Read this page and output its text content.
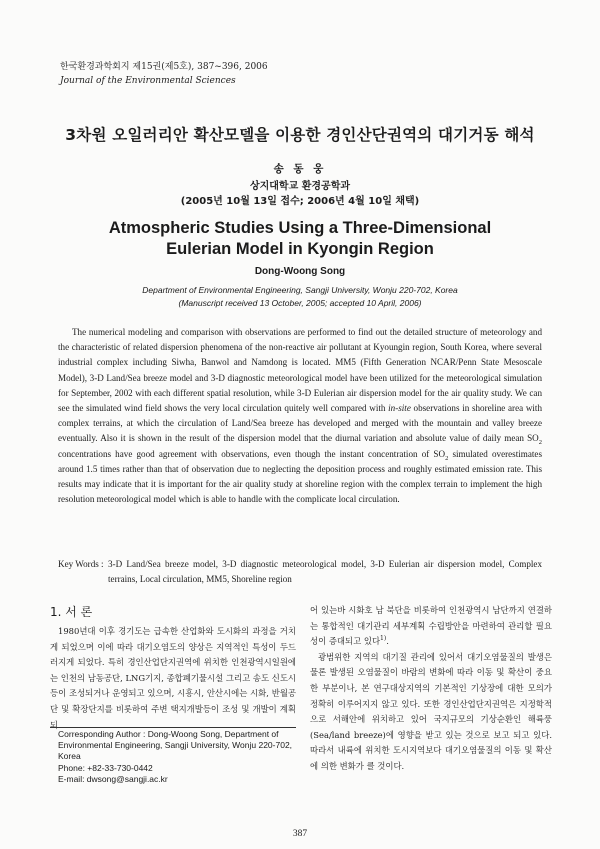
한국환경과학회지 제15권(제5호), 387~396, 2006
Journal of the Environmental Sciences
3차원 오일러리안 확산모델을 이용한 경인산단권역의 대기거동 해석
송 동 웅
상지대학교 환경공학과
(2005년 10월 13일 접수; 2006년 4월 10일 채택)
Atmospheric Studies Using a Three-Dimensional
Eulerian Model in Kyongin Region
Dong-Woong Song
Department of Environmental Engineering, Sangji University, Wonju 220-702, Korea
(Manuscript received 13 October, 2005; accepted 10 April, 2006)

The numerical modeling and comparison with observations are performed to find out the detailed structure of meteorology and the characteristic of related dispersion phenomena of the non-reactive air pollutant at Kyoungin region, South Korea, where several industrial complex including Siwha, Banwol and Namdong is located. MM5 (Fifth Generation NCAR/Penn State Mesoscale Model), 3-D Land/Sea breeze model and 3-D diagnostic meteorological model have been utilized for the meteorological simulation for September, 2002 with each different spatial resolution, while 3-D Eulerian air dispersion model for the air quality study. We can see the simulated wind field shows the very local circulation quitely well compared with in-site observations in shoreline area with complex terrains, at which the circulation of Land/Sea breeze has developed and merged with the mountain and valley breeze eventually. Also it is shown in the result of the dispersion model that the diurnal variation and absolute value of daily mean $SO_2$ concentrations have good agreement with observations, even though the instant concentration of $SO_2$ simulated overestimates around 1.5 times rather than that of observation due to neglecting the deposition process and roughly estimated emission rate. This results may indicate that it is important for the air quality study at shoreline region with the complex terrain to implement the high resolution meteorological model which is able to handle with the complicate local circulation.

Key Words : 3-D Land/Sea breeze model, 3-D diagnostic meteorological model, 3-D Eulerian air dispersion model, Complex terrains, Local circulation, MM5, Shoreline region
1. 서 론

1980년대 이후 경기도는 급속한 산업화와 도시화의 과정을 거치게 되었으며 이에 따라 대기오염도의 양상은 지역적인 특성이 두드러지게 되었다. 특히 경인산업단지권역에 위치한 인천광역시일원에는 인천의 남동공단, LNG기지, 종합폐기물시설 그리고 송도 신도시 등이 조성되거나 운영되고 있으며, 시흥시, 안산시에는 시화, 반월공단 및 확장단지를 비롯하여 주변 택지개발등이 조성 및 개발이 계획되

어 있는바 시화호 남 북단을 비롯하여 인천광역시 남단까지 연결하는 통합적인 대기관리 세부계획 수립방안을 마련하여 관리할 필요성이 증대되고 있다$^{1)}$.

광범위한 지역의 대기질 관리에 있어서 대기오염물질의 발생은 물론 발생된 오염물질이 바람의 변화에 따라 이동 및 확산이 중요한 부분이나, 본 연구대상지역의 기본적인 기상장에 대한 모의가 정확히 이루어지지 않고 있다. 또한 경인산업단지권역은 지정학적으로 서해안에 위치하고 있어 국지규모의 기상순환인 해륙풍 (Sea/land breeze)에 영향을 받고 있는 것으로 보고 되고 있다. 따라서 내륙에 위치한 도시지역보다 대기오염물질의 이동 및 확산에 의한 변화가 클 것이다.

Corresponding Author : Dong-Woong Song, Department of Environmental Engineering, Sangji University, Wonju 220-702, Korea
Phone: +82-33-730-0442
E-mail: dwsong@sangji.ac.kr
387
